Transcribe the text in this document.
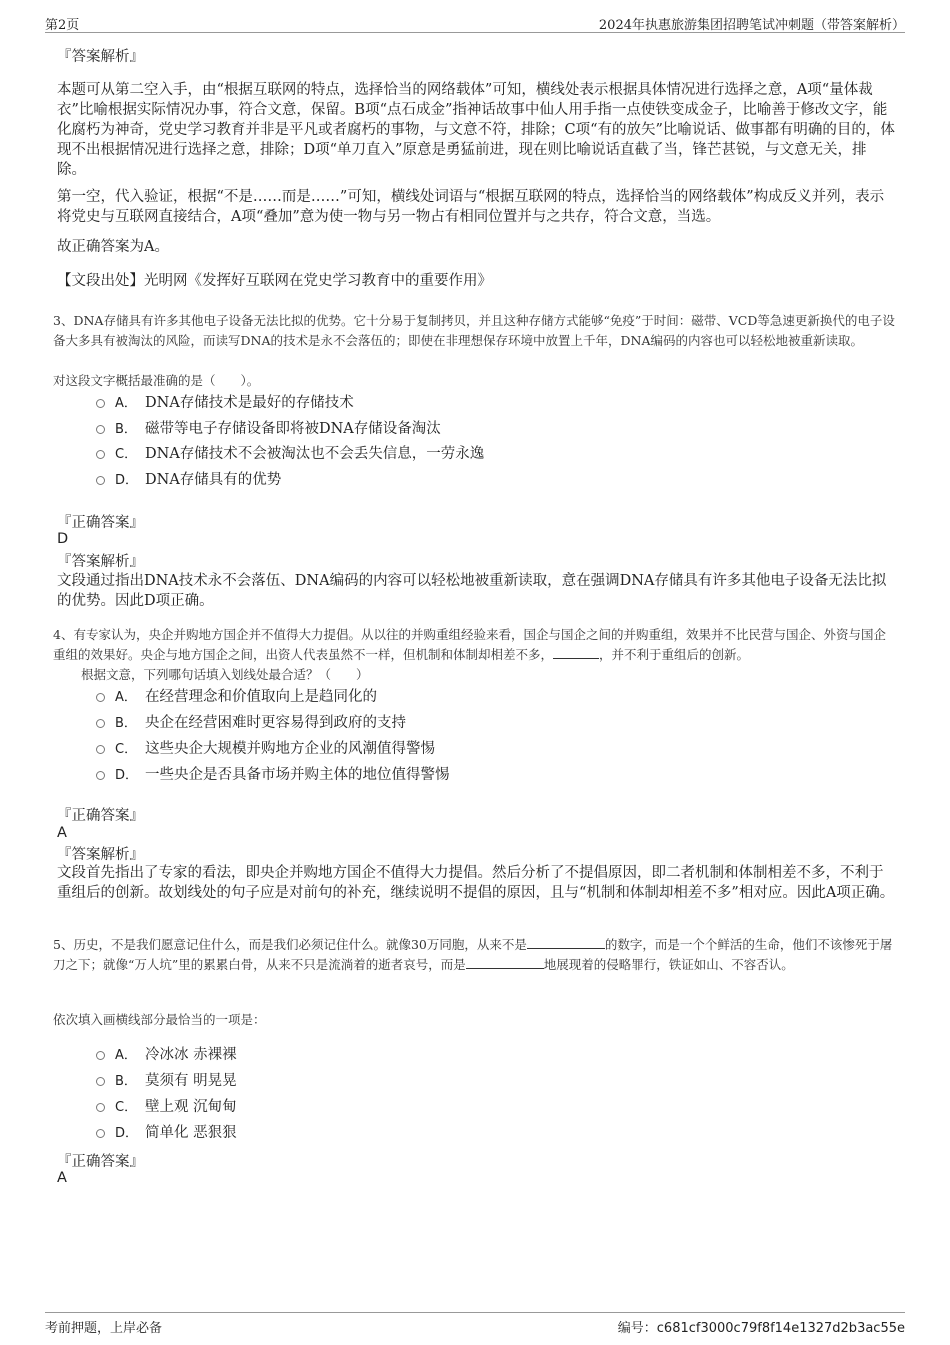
第2页	2024年执惠旅游集团招聘笔试冲刺题（带答案解析）
『答案解析』
本题可从第二空入手，由“根据互联网的特点，选择恰当的网络载体”可知，横线处表示根据具体情况进行选择之意，A项“量体裁衣”比喻根据实际情况办事，符合文意，保留。B项“点石成金”指神话故事中仙人用手指一点使铁变成金子，比喻善于修改文字，能化腐朽为神奇，党史学习教育并非是平凡或者腐朽的事物，与文意不符，排除；C项“有的放矢”比喻说话、做事都有明确的目的，体现不出根据情况进行选择之意，排除；D项“单刀直入”原意是勇猛前进，现在则比喻说话直截了当，锋芒甚锐，与文意无关，排除。
第一空，代入验证，根据“不是……而是……”可知，横线处词语与“根据互联网的特点，选择恰当的网络载体”构成反义并列，表示将党史与互联网直接结合，A项“叠加”意为使一物与另一物占有相同位置并与之共存，符合文意，当选。
故正确答案为A。
【文段出处】光明网《发挥好互联网在党史学习教育中的重要作用》
3、DNA存储具有许多其他电子设备无法比拟的优势。它十分易于复制拷贝，并且这种存储方式能够“免疫”于时间：磁带、VCD等急速更新换代的电子设备大多具有被淘汰的风险，而读写DNA的技术是永不会落伍的；即使在非理想保存环境中放置上千年，DNA编码的内容也可以轻松地被重新读取。
对这段文字概括最准确的是（　　）。
A． DNA存储技术是最好的存储技术
B． 磁带等电子存储设备即将被DNA存储设备淘汰
C． DNA存储技术不会被淘汰也不会丢失信息，一劳永逸
D． DNA存储具有的优势
『正确答案』
D
『答案解析』
文段通过指出DNA技术永不会落伍、DNA编码的内容可以轻松地被重新读取，意在强调DNA存储具有许多其他电子设备无法比拟的优势。因此D项正确。
4、有专家认为，央企并购地方国企并不值得大力提倡。从以往的并购重组经验来看，国企与国企之间的并购重组，效果并不比民营与国企、外资与国企重组的效果好。央企与地方国企之间，出资人代表虽然不一样，但机制和体制却相差不多，	，并不利于重组后的创新。
根据文意，下列哪句话填入划线处最合适？（　　）
A． 在经营理念和价值取向上是趋同化的
B． 央企在经营困难时更容易得到政府的支持
C． 这些央企大规模并购地方企业的风潮值得警惕
D． 一些央企是否具备市场并购主体的地位值得警惕
『正确答案』
A
『答案解析』
文段首先指出了专家的看法，即央企并购地方国企不值得大力提倡。然后分析了不提倡原因，即二者机制和体制相差不多，不利于重组后的创新。故划线处的句子应是对前句的补充，继续说明不提倡的原因，且与“机制和体制却相差不多”相对应。因此A项正确。
5、历史，不是我们愿意记住什么，而是我们必须记住什么。就像30万同胞，从来不是	的数字，而是一个个鲜活的生命，他们不该惨死于屠刀之下；就像“万人坑”里的累累白骨，从来不只是流淌着的逝者哀号，而是	地展现着的侵略罪行，铁证如山、不容否认。
依次填入画横线部分最恰当的一项是：
A． 冷冰冰 赤裸裸
B． 莫须有 明晃晃
C． 壁上观 沉甸甸
D． 简单化 恶狠狠
『正确答案』
A
考前押题，上岸必备	编号：c681cf3000c79f8f14e1327d2b3ac55e
